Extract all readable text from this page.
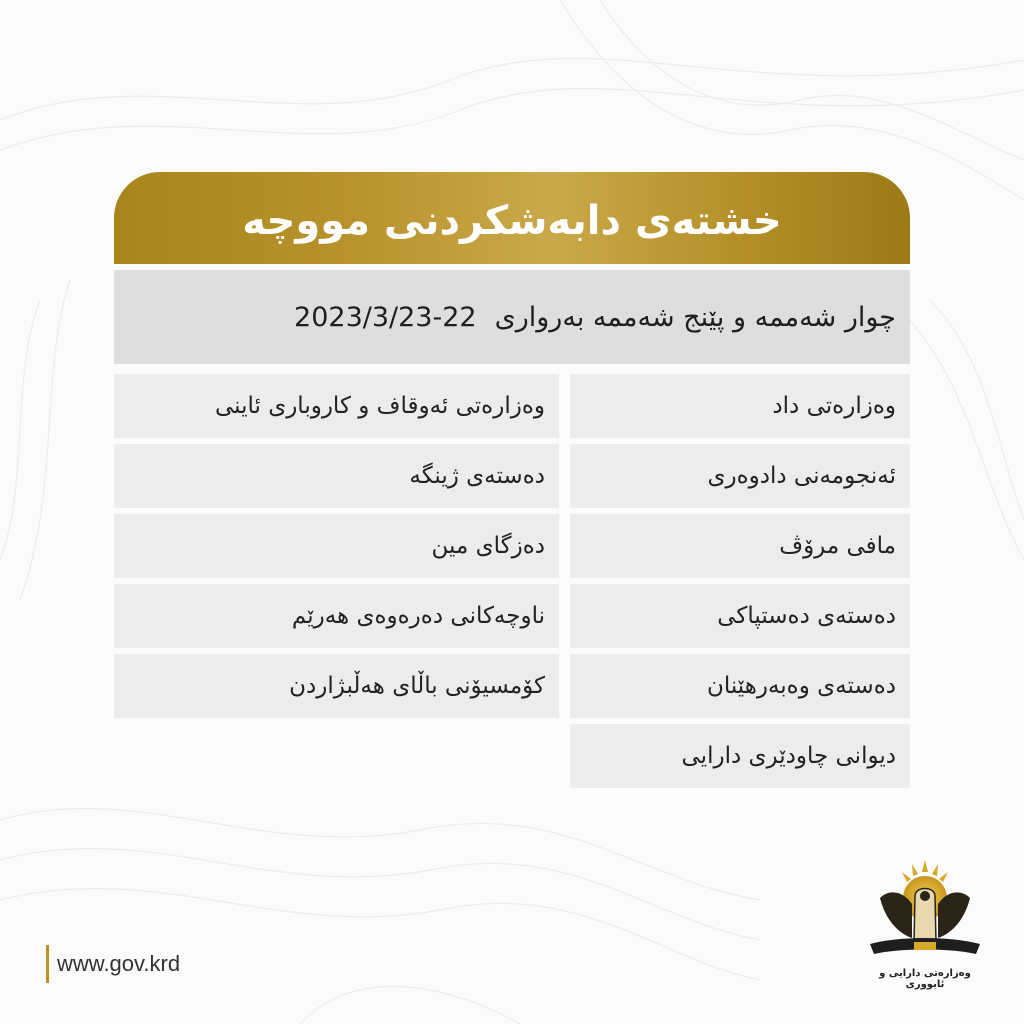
خشتەی دابەشکردنی مووچە
چوار شەممە و پێنج شەممە بەرواری
2023/3/23-22
وەزارەتی داد
ئەنجومەنی دادوەری
مافی مرۆڤ
دەستەی دەستپاکی
دەستەی وەبەرهێنان
دیوانی چاودێری دارایی
وەزارەتی ئەوقاف و کاروباری ئاینی
دەستەی ژینگە
دەزگای مین
ناوچەکانی دەرەوەی هەرێم
کۆمسیۆنی باڵای هەڵبژاردن
www.gov.krd	وەزارەتی دارایی و ئابووری
